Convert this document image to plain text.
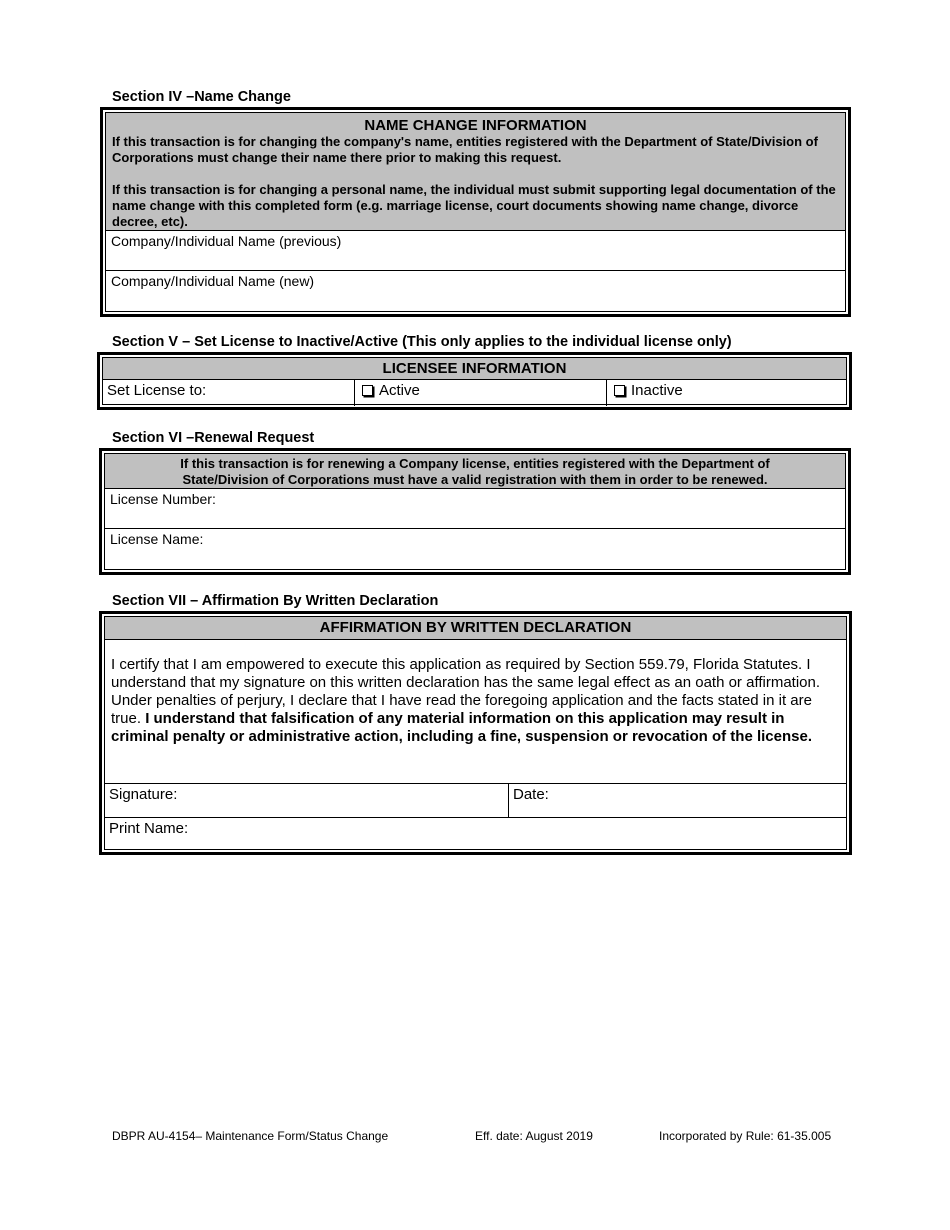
Section IV –Name Change
NAME CHANGE INFORMATION
If this transaction is for changing the company's name, entities registered with the Department of State/Division of Corporations must change their name there prior to making this request.
If this transaction is for changing a personal name, the individual must submit supporting legal documentation of the name change with this completed form (e.g. marriage license, court documents showing name change, divorce decree, etc).
Company/Individual Name (previous)
Company/Individual Name (new)
Section V – Set License to Inactive/Active (This only applies to the individual license only)
LICENSEE INFORMATION
Set License to:	Active	Inactive
Section VI –Renewal Request
If this transaction is for renewing a Company license, entities registered with the Department of State/Division of Corporations must have a valid registration with them in order to be renewed.
License Number:
License Name:
Section VII – Affirmation By Written Declaration
AFFIRMATION BY WRITTEN DECLARATION
I certify that I am empowered to execute this application as required by Section 559.79, Florida Statutes. I understand that my signature on this written declaration has the same legal effect as an oath or affirmation. Under penalties of perjury, I declare that I have read the foregoing application and the facts stated in it are true. I understand that falsification of any material information on this application may result in criminal penalty or administrative action, including a fine, suspension or revocation of the license.
Signature:	Date:
Print Name:
DBPR AU-4154– Maintenance Form/Status Change	Eff. date: August 2019	Incorporated by Rule: 61-35.005
